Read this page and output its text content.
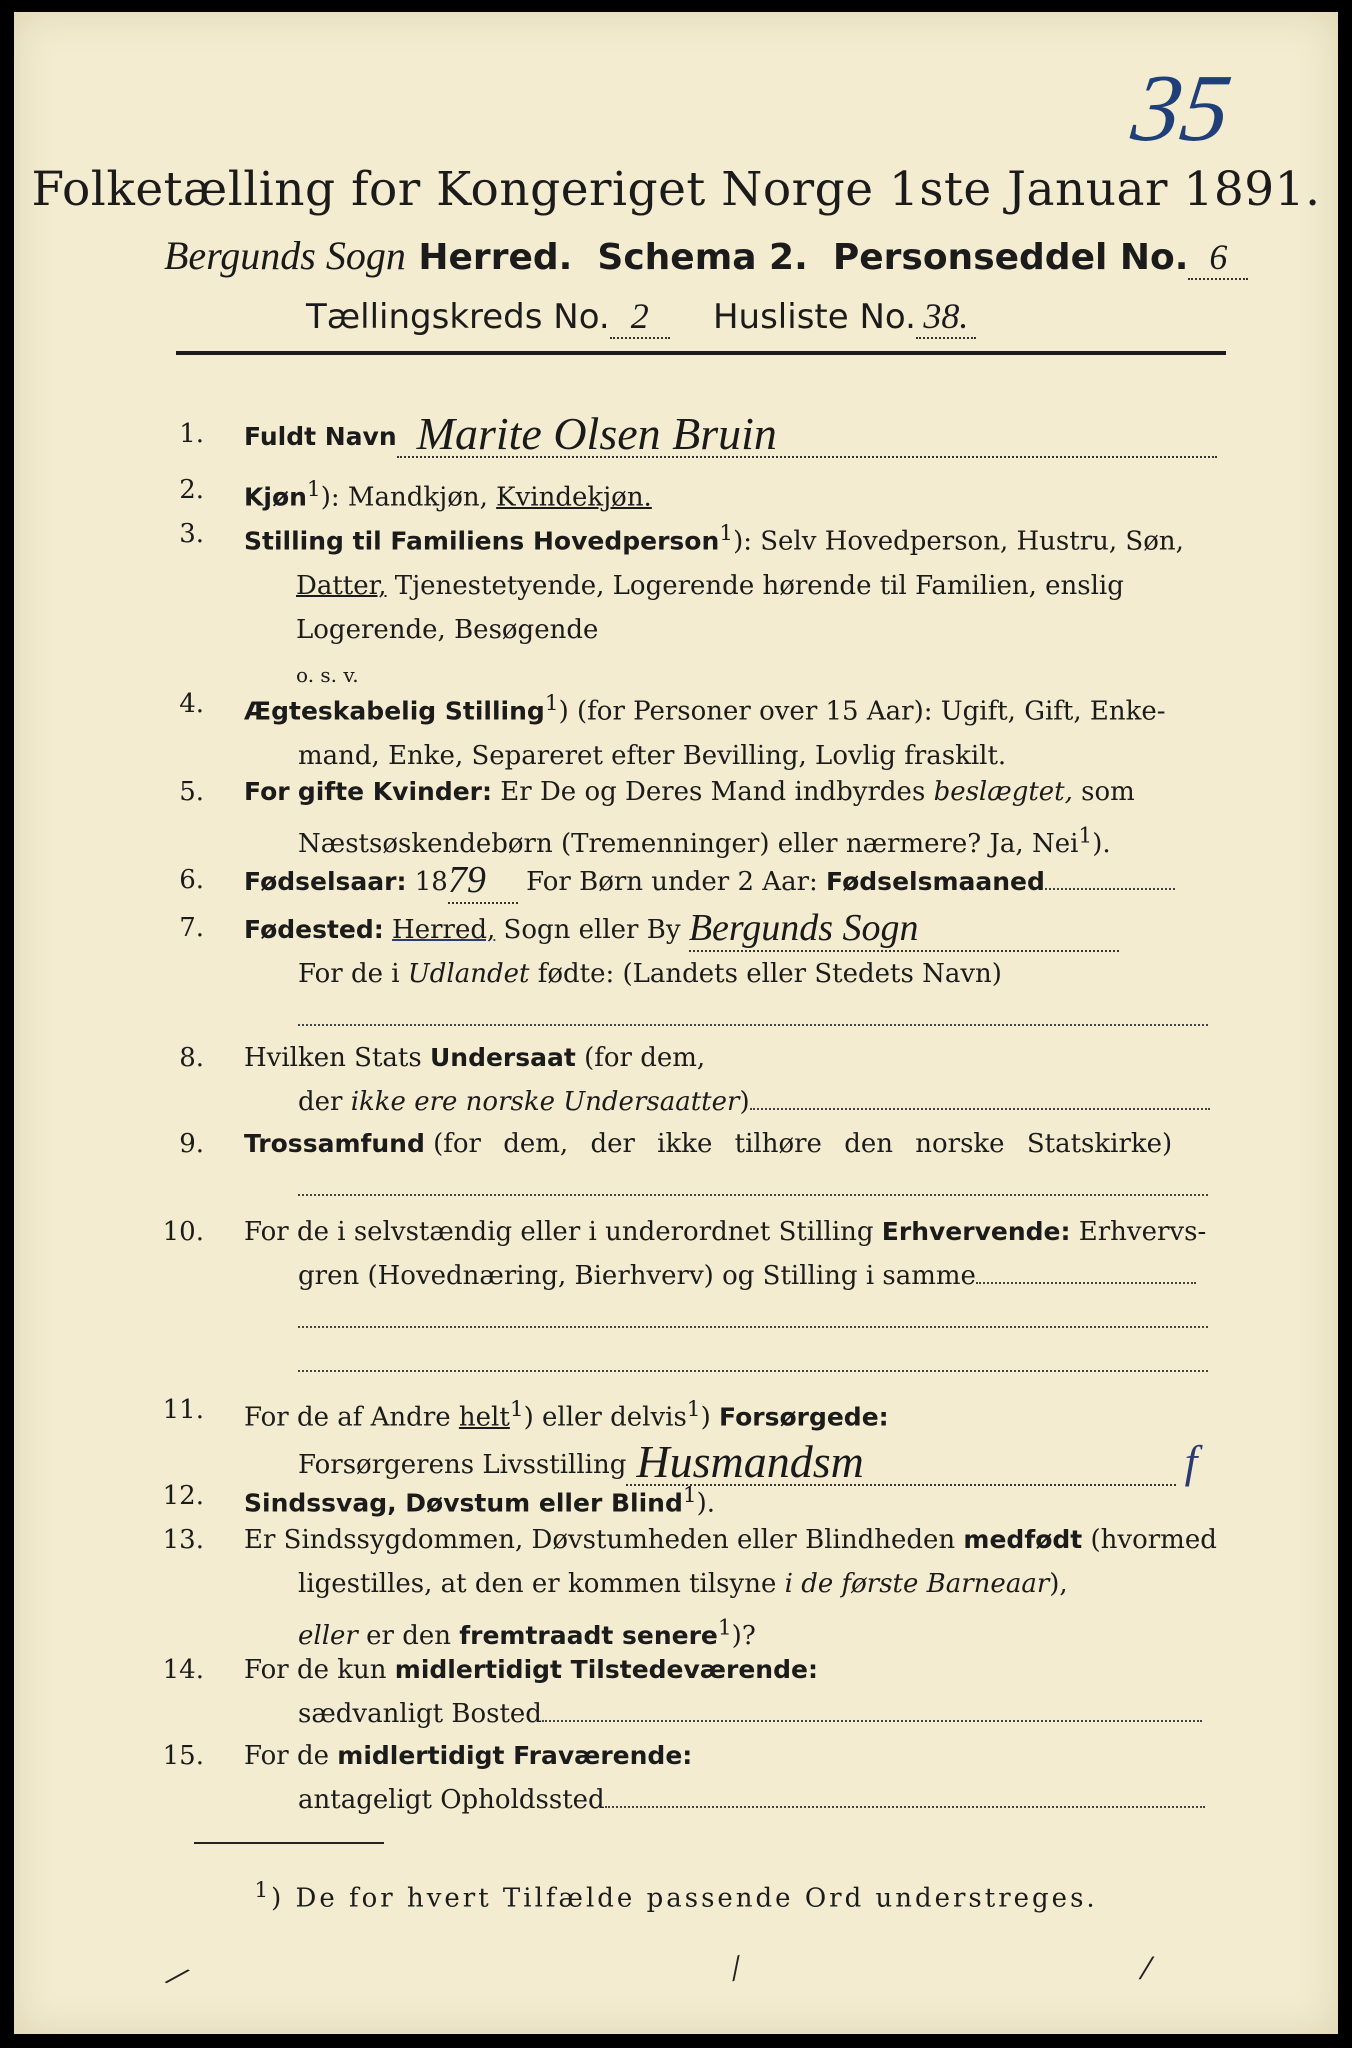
35
Folketælling for Kongeriget Norge 1ste Januar 1891.
Bergunds Sogn Herred. Schema 2. Personseddel No. 6
Tællingskreds No. 2 Husliste No. 38.
1. Fuldt Navn Marite Olsen Bruin
2. Kjøn$^1$): Mandkjøn, Kvindekjøn.
3. Stilling til Familiens Hovedperson$^1$): Selv Hovedperson, Hustru, Søn,
Datter, Tjenestetyende, Logerende hørende til Familien, enslig
Logerende, Besøgende
o. s. v.
4. Ægteskabelig Stilling$^1$) (for Personer over 15 Aar): Ugift, Gift, Enke-
mand, Enke, Separeret efter Bevilling, Lovlig fraskilt.
5. For gifte Kvinder: Er De og Deres Mand indbyrdes beslægtet, som
Næstsøskendebørn (Tremenninger) eller nærmere? Ja, Nei$^1$).
6. Fødselsaar: 1879 For Børn under 2 Aar: Fødselsmaaned
7. Fødested: Herred, Sogn eller By Bergunds Sogn
For de i Udlandet fødte: (Landets eller Stedets Navn)

8. Hvilken Stats Undersaat (for dem,
der ikke ere norske Undersaatter)
9. Trossamfund (for dem, der ikke tilhøre den norske Statskirke)

10. For de i selvstændig eller i underordnet Stilling Erhvervende: Erhvervs-
gren (Hovednæring, Bierhverv) og Stilling i samme

11. For de af Andre helt$^1$) eller delvis$^1$) Forsørgede:
Forsørgerens Livsstilling Husmandsm	f
12. Sindssvag, Døvstum eller Blind$^1$).
13. Er Sindssygdommen, Døvstumheden eller Blindheden medfødt (hvormed
ligestilles, at den er kommen tilsyne i de første Barneaar),
eller er den fremtraadt senere$^1$)?
14. For de kun midlertidigt Tilstedeværende:
sædvanligt Bosted
15. For de midlertidigt Fraværende:
antageligt Opholdssted
$^1$) De for hvert Tilfælde passende Ord understreges.
⁄	⁄	⁄
